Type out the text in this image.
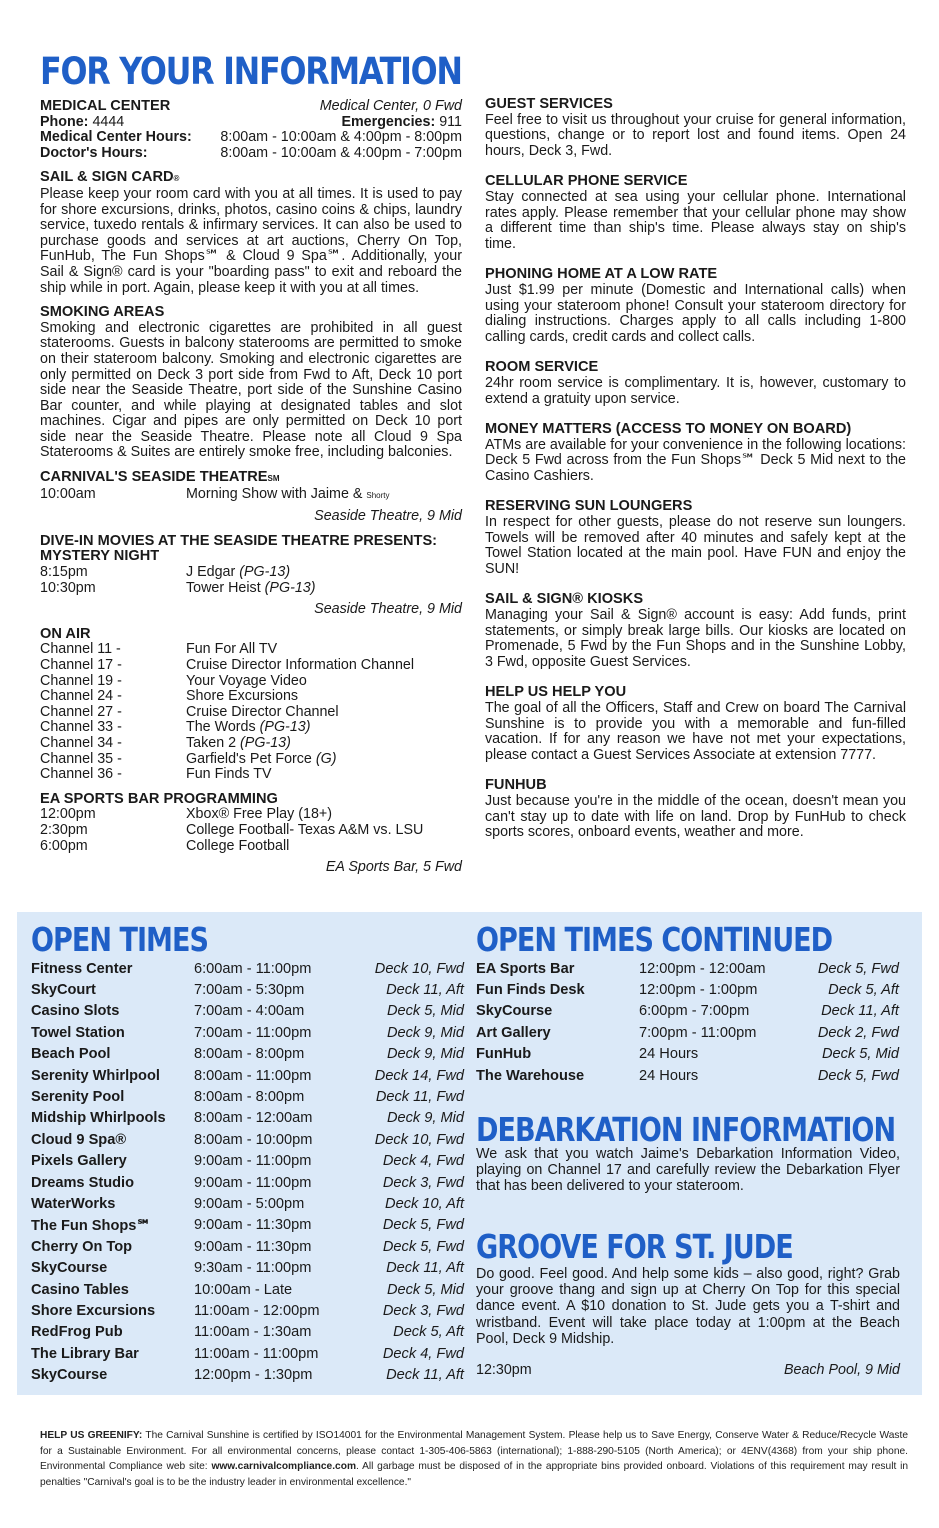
FOR YOUR INFORMATION
MEDICAL CENTER	Medical Center, 0 Fwd
Phone: 4444	Emergencies: 911
Medical Center Hours: 8:00am - 10:00am & 4:00pm - 8:00pm
Doctor's Hours:	8:00am - 10:00am & 4:00pm - 7:00pm
SAIL & SIGN CARD®
Please keep your room card with you at all times. It is used to pay for shore excursions, drinks, photos, casino coins & chips, laundry service, tuxedo rentals & infirmary services. It can also be used to purchase goods and services at art auctions, Cherry On Top, FunHub, The Fun Shops℠ & Cloud 9 Spa℠. Additionally, your Sail & Sign® card is your "boarding pass" to exit and reboard the ship while in port. Again, please keep it with you at all times.
SMOKING AREAS
Smoking and electronic cigarettes are prohibited in all guest staterooms. Guests in balcony staterooms are permitted to smoke on their stateroom balcony. Smoking and electronic cigarettes are only permitted on Deck 3 port side from Fwd to Aft, Deck 10 port side near the Seaside Theatre, port side of the Sunshine Casino Bar counter, and while playing at designated tables and slot machines. Cigar and pipes are only permitted on Deck 10 port side near the Seaside Theatre. Please note all Cloud 9 Spa Staterooms & Suites are entirely smoke free, including balconies.
CARNIVAL'S SEASIDE THEATRESM
10:00am	Morning Show with Jaime & Shorty
Seaside Theatre, 9 Mid
DIVE-IN MOVIES AT THE SEASIDE THEATRE PRESENTS:
MYSTERY NIGHT
8:15pm	J Edgar (PG-13)
10:30pm	Tower Heist (PG-13)
Seaside Theatre, 9 Mid
ON AIR
Channel 11 -	Fun For All TV
Channel 17 -	Cruise Director Information Channel
Channel 19 -	Your Voyage Video
Channel 24 -	Shore Excursions
Channel 27 -	Cruise Director Channel
Channel 33 -	The Words (PG-13)
Channel 34 -	Taken 2 (PG-13)
Channel 35 -	Garfield's Pet Force (G)
Channel 36 -	Fun Finds TV
EA SPORTS BAR PROGRAMMING
12:00pm	Xbox® Free Play (18+)
2:30pm	College Football- Texas A&M vs. LSU
6:00pm	College Football
EA Sports Bar, 5 Fwd
GUEST SERVICES
Feel free to visit us throughout your cruise for general information, questions, change or to report lost and found items. Open 24 hours, Deck 3, Fwd.
CELLULAR PHONE SERVICE
Stay connected at sea using your cellular phone. International rates apply. Please remember that your cellular phone may show a different time than ship's time. Please always stay on ship's time.
PHONING HOME AT A LOW RATE
Just $1.99 per minute (Domestic and International calls) when using your stateroom phone! Consult your stateroom directory for dialing instructions. Charges apply to all calls including 1-800 calling cards, credit cards and collect calls.
ROOM SERVICE
24hr room service is complimentary. It is, however, customary to extend a gratuity upon service.
MONEY MATTERS (ACCESS TO MONEY ON BOARD)
ATMs are available for your convenience in the following locations: Deck 5 Fwd across from the Fun Shops℠ Deck 5 Mid next to the Casino Cashiers.
RESERVING SUN LOUNGERS
In respect for other guests, please do not reserve sun loungers. Towels will be removed after 40 minutes and safely kept at the Towel Station located at the main pool. Have FUN and enjoy the SUN!
SAIL & SIGN® KIOSKS
Managing your Sail & Sign® account is easy: Add funds, print statements, or simply break large bills. Our kiosks are located on Promenade, 5 Fwd by the Fun Shops and in the Sunshine Lobby, 3 Fwd, opposite Guest Services.
HELP US HELP YOU
The goal of all the Officers, Staff and Crew on board The Carnival Sunshine is to provide you with a memorable and fun-filled vacation. If for any reason we have not met your expectations, please contact a Guest Services Associate at extension 7777.
FUNHUB
Just because you're in the middle of the ocean, doesn't mean you can't stay up to date with life on land. Drop by FunHub to check sports scores, onboard events, weather and more.
OPEN TIMES	OPEN TIMES CONTINUED
Fitness Center	6:00am - 11:00pm	Deck 10, Fwd
SkyCourt	7:00am - 5:30pm	Deck 11, Aft
Casino Slots	7:00am - 4:00am	Deck 5, Mid
Towel Station	7:00am - 11:00pm	Deck 9, Mid
Beach Pool	8:00am - 8:00pm	Deck 9, Mid
Serenity Whirlpool	8:00am - 11:00pm	Deck 14, Fwd
Serenity Pool	8:00am - 8:00pm	Deck 11, Fwd
Midship Whirlpools	8:00am - 12:00am	Deck 9, Mid
Cloud 9 Spa®	8:00am - 10:00pm	Deck 10, Fwd
Pixels Gallery	9:00am - 11:00pm	Deck 4, Fwd
Dreams Studio	9:00am - 11:00pm	Deck 3, Fwd
WaterWorks	9:00am - 5:00pm	Deck 10, Aft
The Fun Shops℠	9:00am - 11:30pm	Deck 5, Fwd
Cherry On Top	9:00am - 11:30pm	Deck 5, Fwd
SkyCourse	9:30am - 11:00pm	Deck 11, Aft
Casino Tables	10:00am - Late	Deck 5, Mid
Shore Excursions	11:00am - 12:00pm	Deck 3, Fwd
RedFrog Pub	11:00am - 1:30am	Deck 5, Aft
The Library Bar	11:00am - 11:00pm	Deck 4, Fwd
SkyCourse	12:00pm - 1:30pm	Deck 11, Aft
EA Sports Bar	12:00pm - 12:00am	Deck 5, Fwd
Fun Finds Desk	12:00pm - 1:00pm	Deck 5, Aft
SkyCourse	6:00pm - 7:00pm	Deck 11, Aft
Art Gallery	7:00pm - 11:00pm	Deck 2, Fwd
FunHub	24 Hours	Deck 5, Mid
The Warehouse	24 Hours	Deck 5, Fwd
DEBARKATION INFORMATION
We ask that you watch Jaime's Debarkation Information Video, playing on Channel 17 and carefully review the Debarkation Flyer that has been delivered to your stateroom.
GROOVE FOR ST. JUDE
Do good. Feel good. And help some kids – also good, right? Grab your groove thang and sign up at Cherry On Top for this special dance event. A $10 donation to St. Jude gets you a T-shirt and wristband. Event will take place today at 1:00pm at the Beach Pool, Deck 9 Midship.
12:30pm	Beach Pool, 9 Mid
HELP US GREENIFY: The Carnival Sunshine is certified by ISO14001 for the Environmental Management System. Please help us to Save Energy, Conserve Water & Reduce/Recycle Waste for a Sustainable Environment. For all environmental concerns, please contact 1-305-406-5863 (international); 1-888-290-5105 (North America); or 4ENV(4368) from your ship phone. Environmental Compliance web site: www.carnivalcompliance.com. All garbage must be disposed of in the appropriate bins provided onboard. Violations of this requirement may result in penalties "Carnival's goal is to be the industry leader in environmental excellence."
